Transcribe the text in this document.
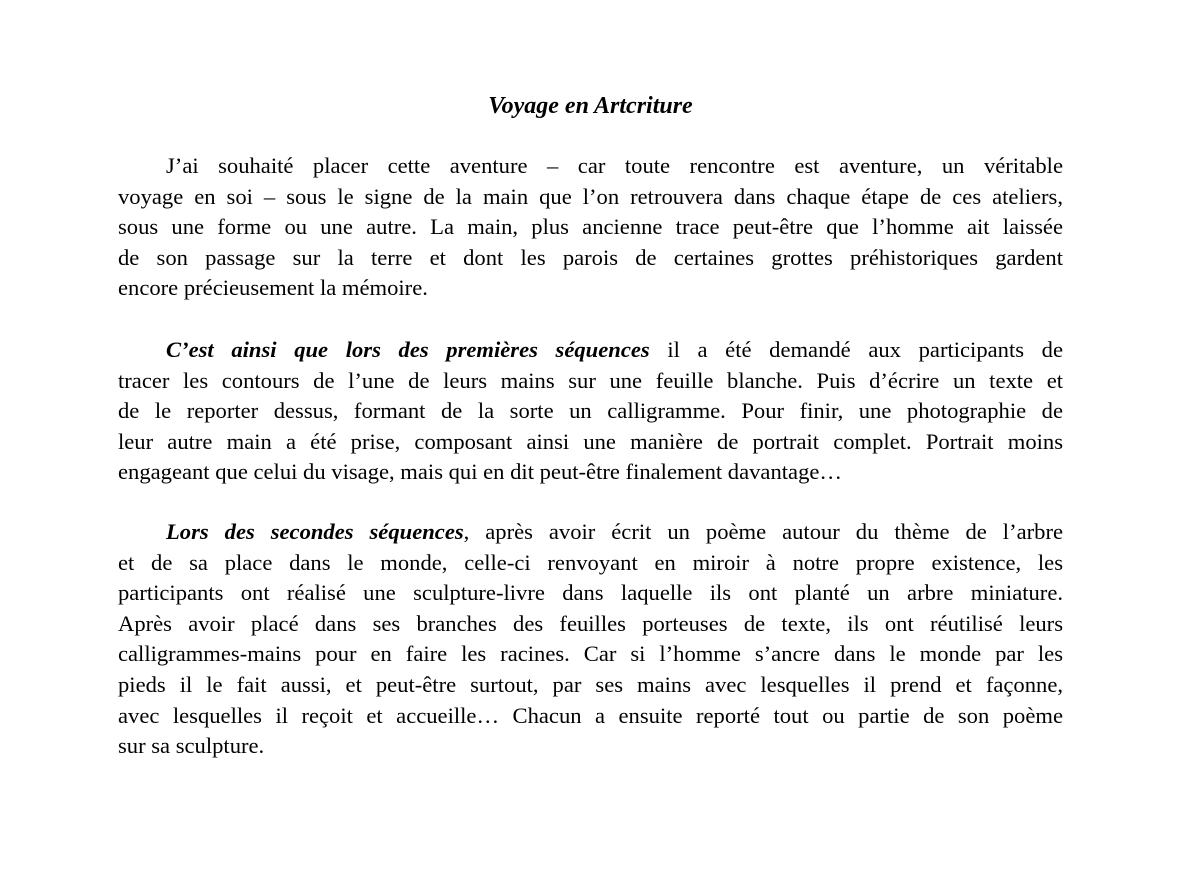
Voyage en Artcriture

J’ai souhaité placer cette aventure – car toute rencontre est aventure, un véritable
voyage en soi – sous le signe de la main que l’on retrouvera dans chaque étape de ces ateliers,
sous une forme ou une autre. La main, plus ancienne trace peut-être que l’homme ait laissée
de son passage sur la terre et dont les parois de certaines grottes préhistoriques gardent
encore précieusement la mémoire.

C’est ainsi que lors des premières séquences il a été demandé aux participants de
tracer les contours de l’une de leurs mains sur une feuille blanche. Puis d’écrire un texte et
de le reporter dessus, formant de la sorte un calligramme. Pour finir, une photographie de
leur autre main a été prise, composant ainsi une manière de portrait complet. Portrait moins
engageant que celui du visage, mais qui en dit peut-être finalement davantage…

Lors des secondes séquences, après avoir écrit un poème autour du thème de l’arbre
et de sa place dans le monde, celle-ci renvoyant en miroir à notre propre existence, les
participants ont réalisé une sculpture-livre dans laquelle ils ont planté un arbre miniature.
Après avoir placé dans ses branches des feuilles porteuses de texte, ils ont réutilisé leurs
calligrammes-mains pour en faire les racines. Car si l’homme s’ancre dans le monde par les
pieds il le fait aussi, et peut-être surtout, par ses mains avec lesquelles il prend et façonne,
avec lesquelles il reçoit et accueille… Chacun a ensuite reporté tout ou partie de son poème
sur sa sculpture.
